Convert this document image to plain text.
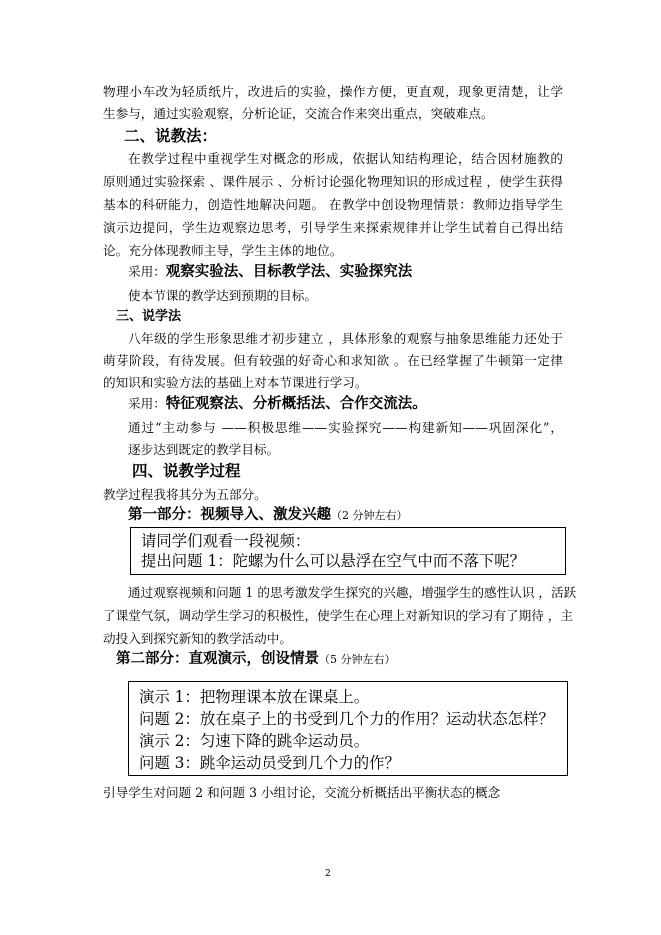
物理小车改为轻质纸片，改进后的实验，操作方便，更直观，现象更清楚，让学
生参与，通过实验观察，分析论证，交流合作来突出重点，突破难点。
二、说教法：
在教学过程中重视学生对概念的形成，依据认知结构理论，结合因材施教的
原则通过实验探索 、课件展示 、分析讨论强化物理知识的形成过程 ，使学生获得
基本的科研能力，创造性地解决问题。 在教学中创设物理情景：教师边指导学生
演示边提问，学生边观察边思考，引导学生来探索规律并让学生试着自己得出结
论。充分体现教师主导，学生主体的地位。
采用：观察实验法、目标教学法、实验探究法
使本节课的教学达到预期的目标。
三、说学法
八年级的学生形象思维才初步建立 ，具体形象的观察与抽象思维能力还处于
萌芽阶段，有待发展。但有较强的好奇心和求知欲 。在已经掌握了牛顿第一定律
的知识和实验方法的基础上对本节课进行学习。
采用：特征观察法、分析概括法、合作交流法。
通过“主动参与 ——积极思维——实验探究——构建新知——巩固深化”，
逐步达到既定的教学目标。
四、说教学过程
教学过程我将其分为五部分。
第一部分：视频导入、激发兴趣（2 分钟左右）
请同学们观看一段视频：
提出问题 1：陀螺为什么可以悬浮在空气中而不落下呢？
通过观察视频和问题 1 的思考激发学生探究的兴趣，增强学生的感性认识 ，活跃
了课堂气氛，调动学生学习的积极性，使学生在心理上对新知识的学习有了期待 ，主
动投入到探究新知的教学活动中。
第二部分：直观演示，创设情景（5 分钟左右）
演示 1：把物理课本放在课桌上。
问题 2：放在桌子上的书受到几个力的作用？运动状态怎样？
演示 2：匀速下降的跳伞运动员。
问题 3：跳伞运动员受到几个力的作？
引导学生对问题 2 和问题 3 小组讨论，交流分析概括出平衡状态的概念
2
